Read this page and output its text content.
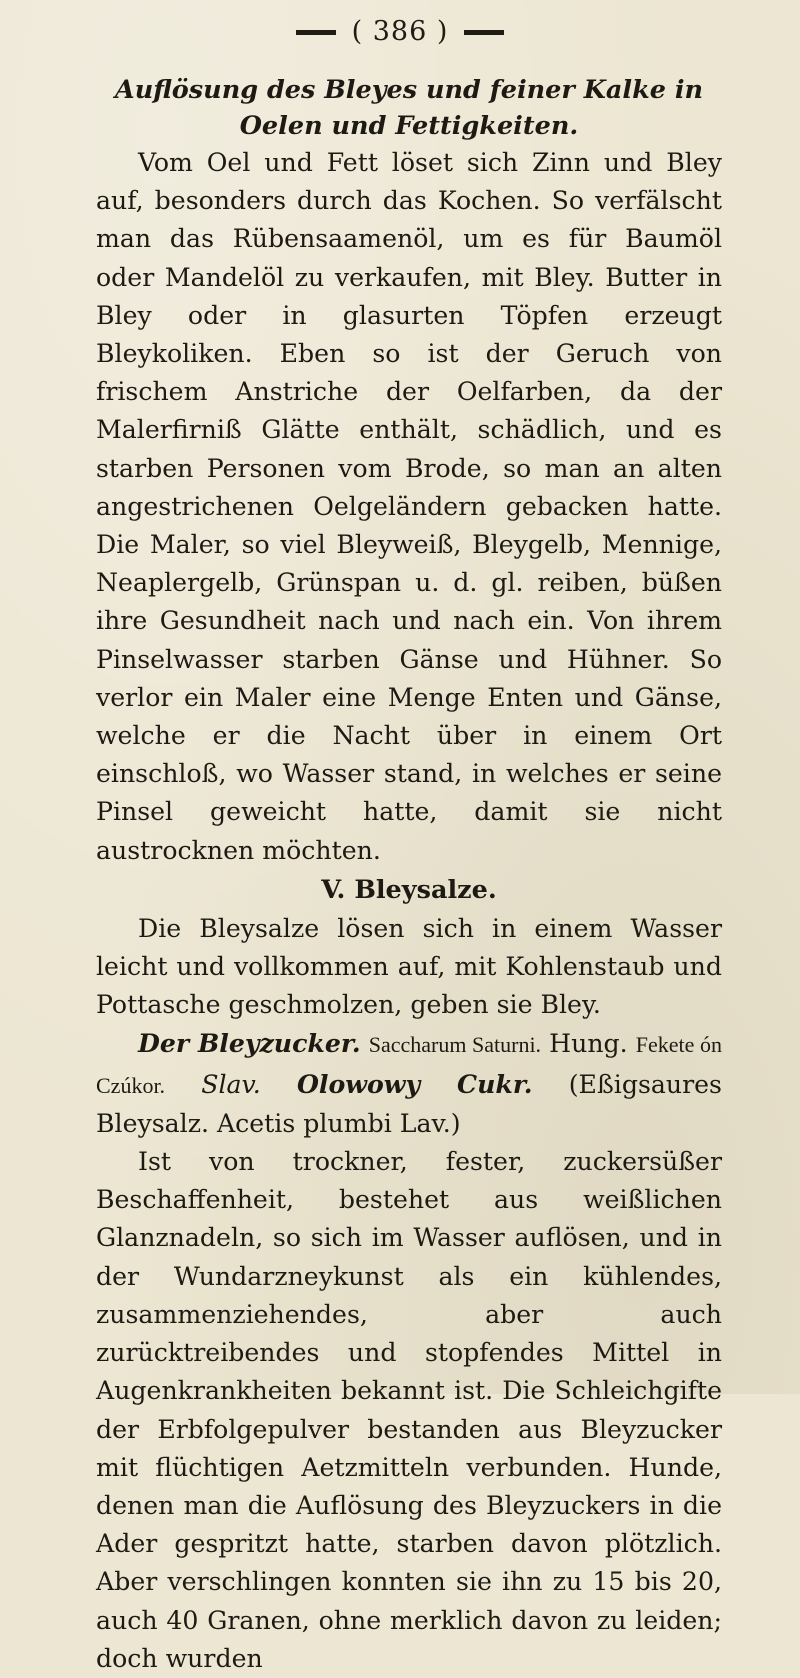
( 386 )
Auflösung des Bleyes und feiner Kalke in Oelen und Fettigkeiten.

Vom Oel und Fett löset sich Zinn und Bley auf, besonders durch das Kochen. So verfälscht man das Rübensaamenöl, um es für Baumöl oder Mandelöl zu verkaufen, mit Bley. Butter in Bley oder in glasurten Töpfen erzeugt Bleykoliken. Eben so ist der Geruch von frischem Anstriche der Oelfarben, da der Malerfirniß Glätte enthält, schädlich, und es starben Personen vom Brode, so man an alten angestrichenen Oelgeländern gebacken hatte. Die Maler, so viel Bleyweiß, Bleygelb, Mennige, Neaplergelb, Grünspan u. d. gl. reiben, büßen ihre Gesundheit nach und nach ein. Von ihrem Pinselwasser starben Gänse und Hühner. So verlor ein Maler eine Menge Enten und Gänse, welche er die Nacht über in einem Ort einschloß, wo Wasser stand, in welches er seine Pinsel geweicht hatte, damit sie nicht austrocknen möchten.

V. Bleysalze.

Die Bleysalze lösen sich in einem Wasser leicht und vollkommen auf, mit Kohlenstaub und Pottasche geschmolzen, geben sie Bley.

Der Bleyzucker. Saccharum Saturni. Hung. Fekete ón Czúkor. Slav. Olowowy Cukr. (Eßigsaures Bleysalz. Acetis plumbi Lav.)

Ist von trockner, fester, zuckersüßer Beschaffenheit, bestehet aus weißlichen Glanznadeln, so sich im Wasser auflösen, und in der Wundarzneykunst als ein kühlendes, zusammenziehendes, aber auch zurücktreibendes und stopfendes Mittel in Augenkrankheiten bekannt ist. Die Schleichgifte der Erbfolgepulver bestanden aus Bleyzucker mit flüchtigen Aetzmitteln verbunden. Hunde, denen man die Auflösung des Bleyzuckers in die Ader gespritzt hatte, starben davon plötzlich. Aber verschlingen konnten sie ihn zu 15 bis 20, auch 40 Granen, ohne merklich davon zu leiden; doch wurden
